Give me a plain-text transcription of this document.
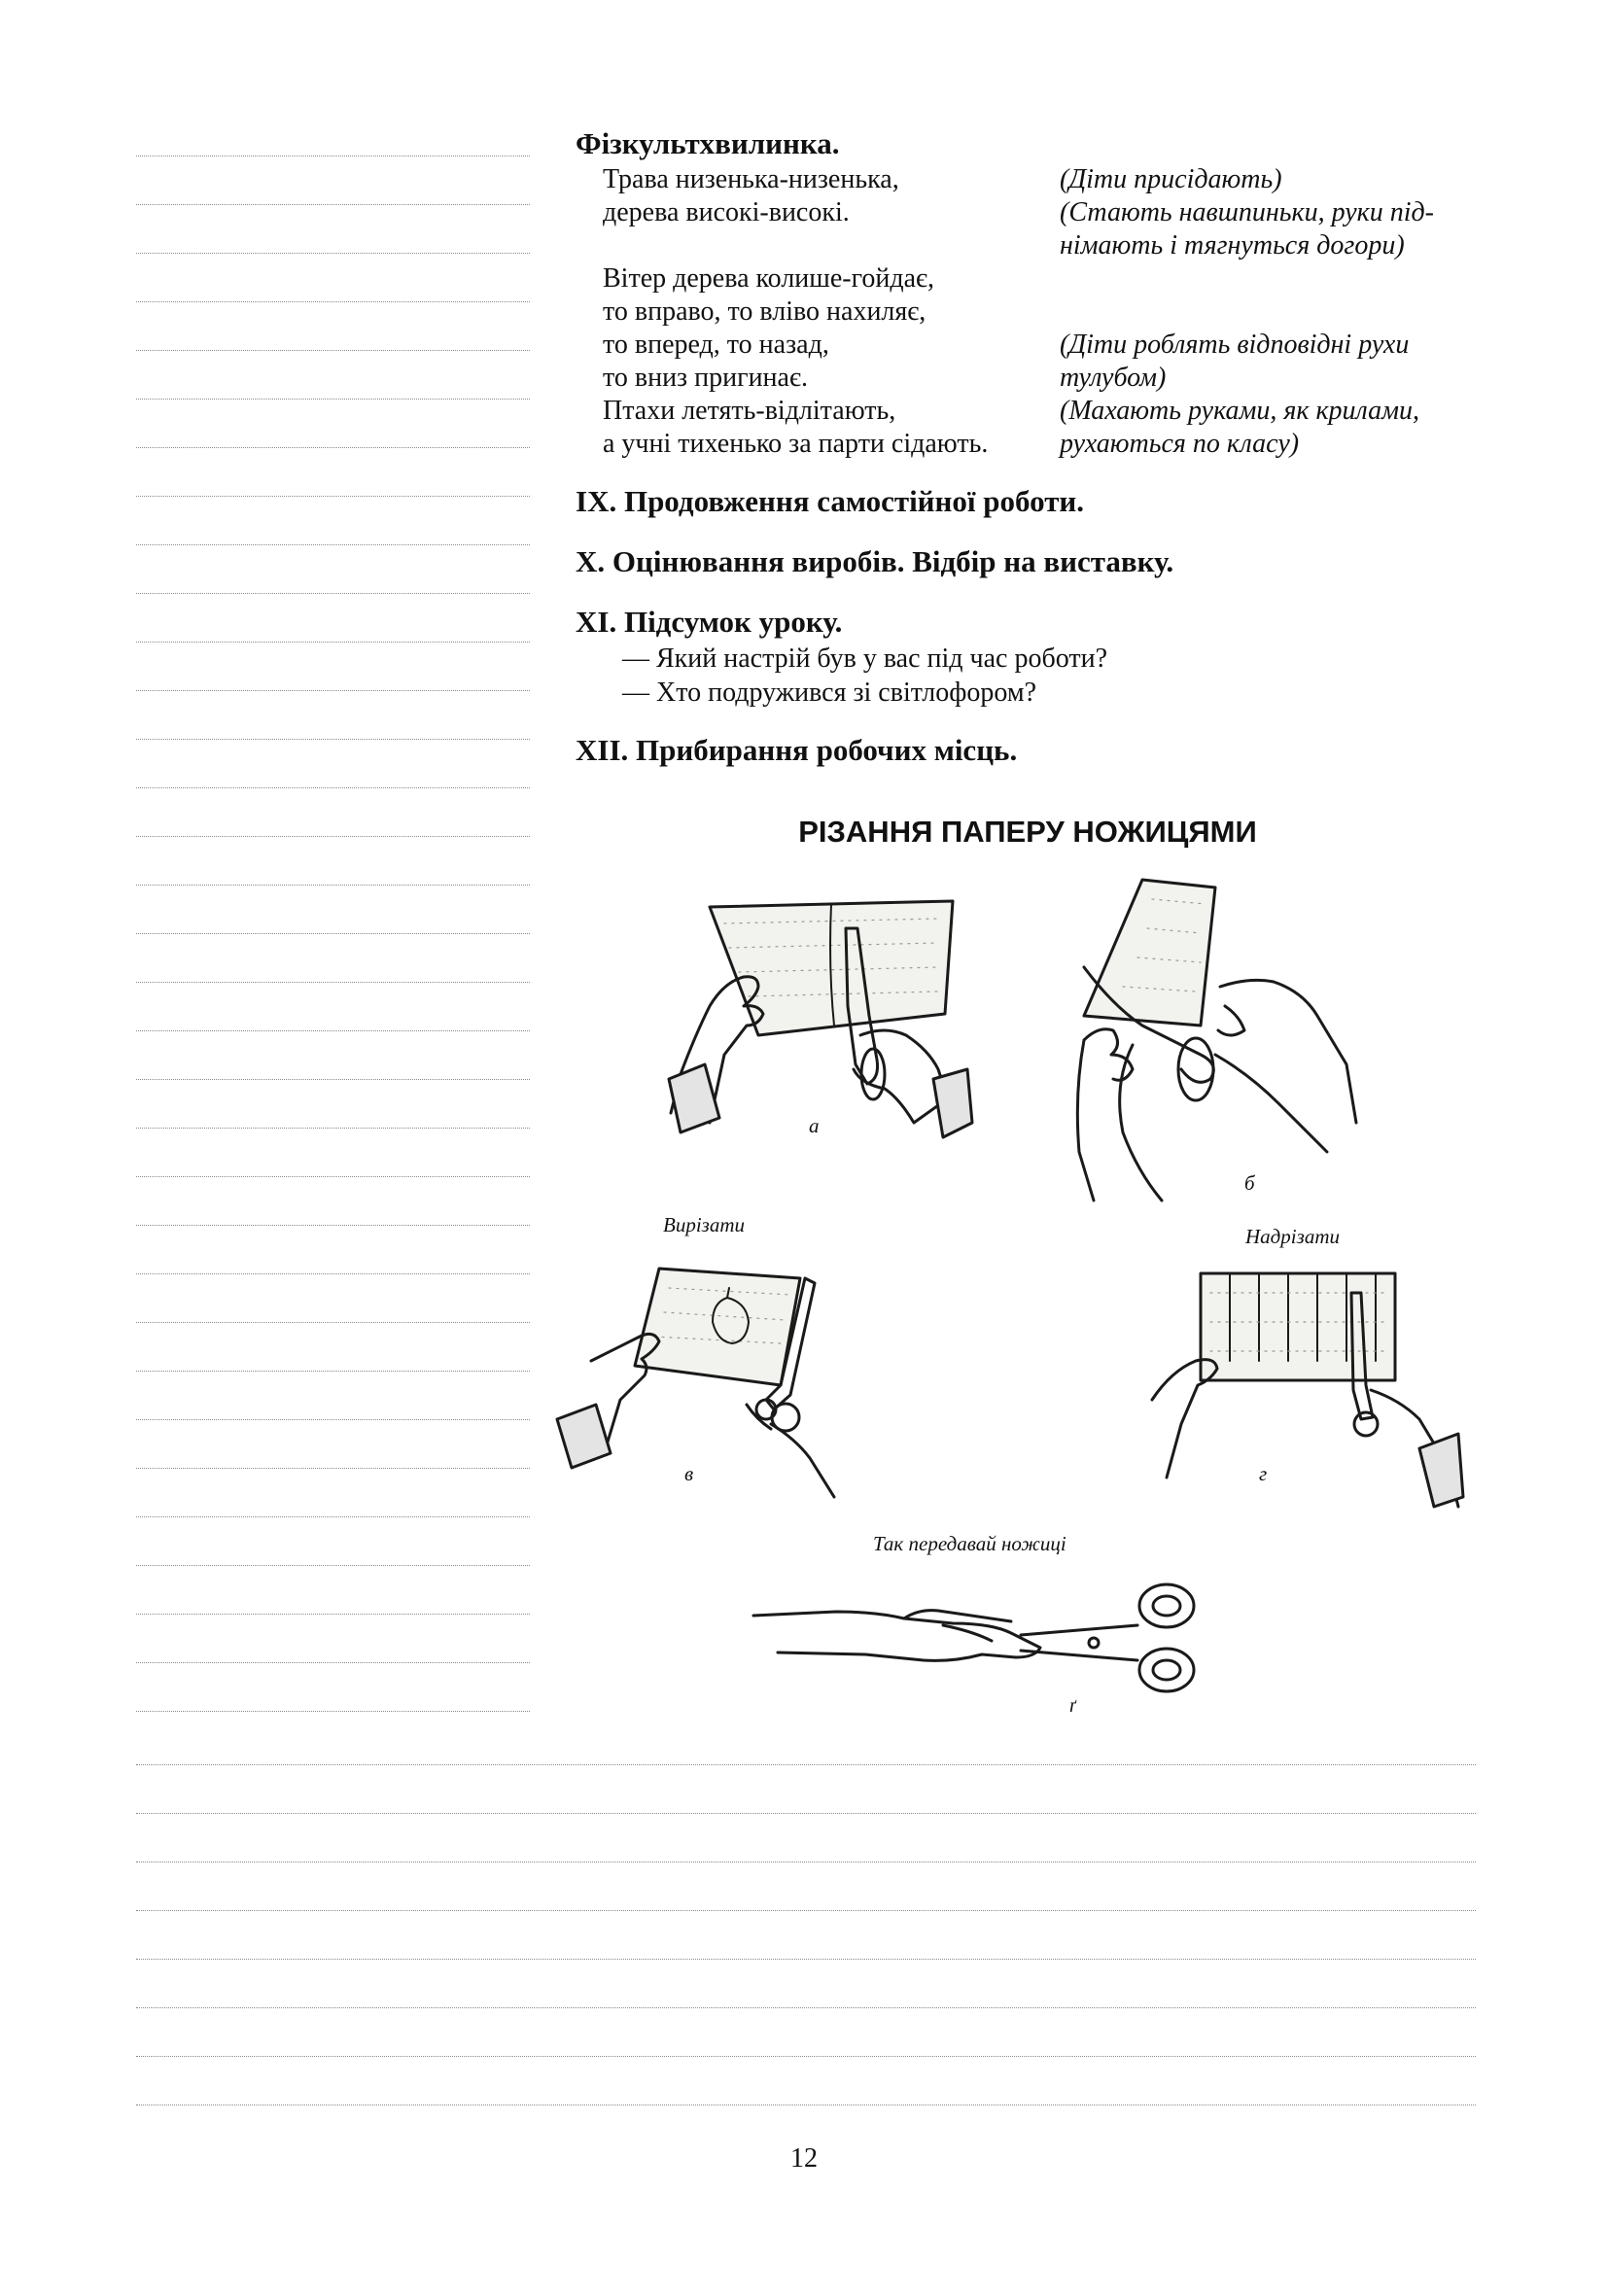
Фізкультхвилинка.
Трава низенька-низенька,	(Діти присідають)
дерева високі-високі.	(Стають навшпиньки, руки під-
німають і тягнуться догори)
Вітер дерева колише-гойдає,
то вправо, то вліво нахиляє,
то вперед, то назад,	(Діти роблять відповідні рухи
то вниз пригинає.	тулубом)
Птахи летять-відлітають,	(Махають руками, як крилами,
а учні тихенько за парти сідають.	рухаються по класу)
IX. Продовження самостійної роботи.
X. Оцінювання виробів. Відбір на виставку.
XI. Підсумок уроку.
— Який настрій був у вас під час роботи?
— Хто подружився зі світлофором?
XII. Прибирання робочих місць.
РІЗАННЯ ПАПЕРУ НОЖИЦЯМИ
а
б
Вирізати	Надрізати
в	г
Так передавай ножиці
ґ
12
